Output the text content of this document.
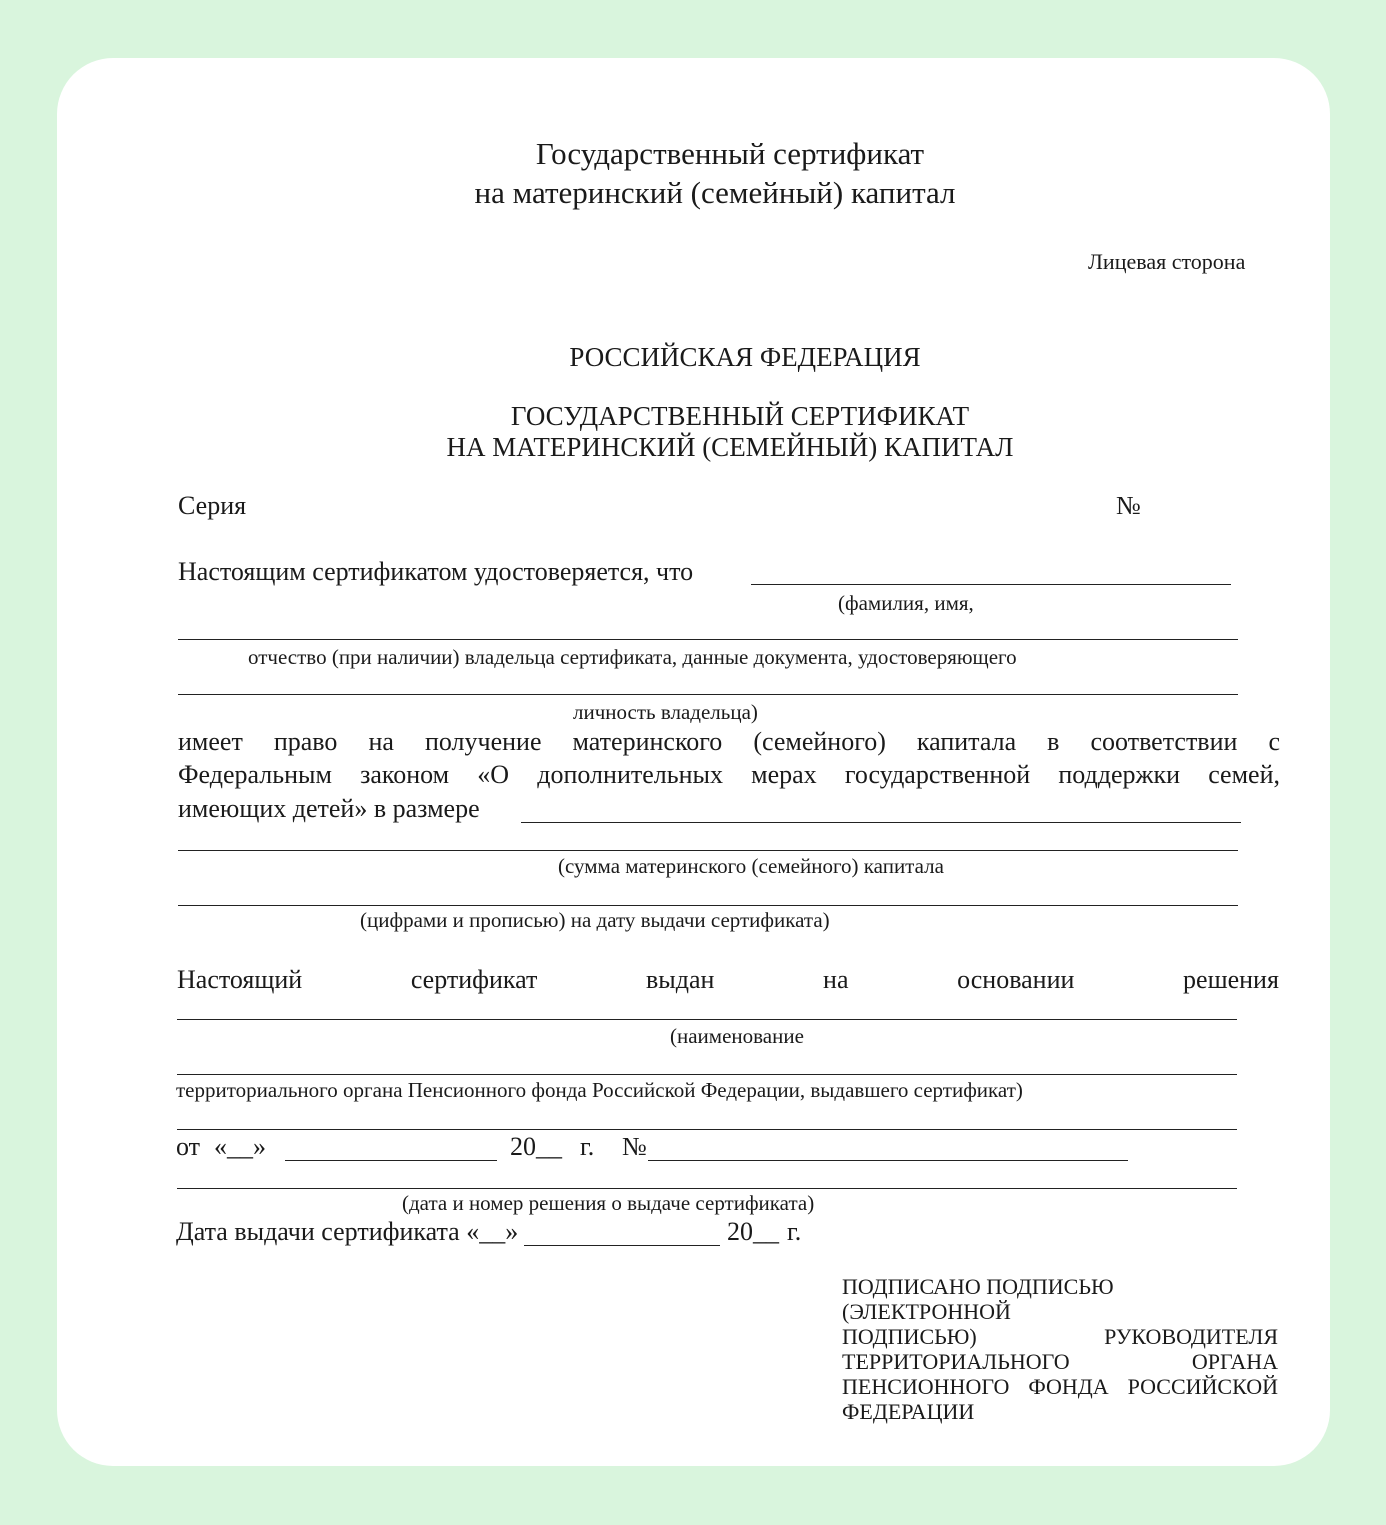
Государственный сертификат
на материнский (семейный) капитал
Лицевая сторона
РОССИЙСКАЯ ФЕДЕРАЦИЯ
ГОСУДАРСТВЕННЫЙ СЕРТИФИКАТ
НА МАТЕРИНСКИЙ (СЕМЕЙНЫЙ) КАПИТАЛ
Серия	№
Настоящим сертификатом удостоверяется, что
(фамилия, имя,
отчество (при наличии) владельца сертификата, данные документа, удостоверяющего
личность владельца)
имеет право на получение материнского (семейного) капитала в соответствии с
Федеральным законом «О дополнительных мерах государственной поддержки семей,
имеющих детей» в размере
(сумма материнского (семейного) капитала
(цифрами и прописью) на дату выдачи сертификата)
Настоящий	сертификат	выдан	на	основании	решения
(наименование
территориального органа Пенсионного фонда Российской Федерации, выдавшего сертификат)
от «__»	20__ г. №
(дата и номер решения о выдаче сертификата)
Дата выдачи сертификата «__»	20__ г.
ПОДПИСАНО ПОДПИСЬЮ (ЭЛЕКТРОННОЙ
ПОДПИСЬЮ)	РУКОВОДИТЕЛЯ
ТЕРРИТОРИАЛЬНОГО	ОРГАНА
ПЕНСИОННОГО ФОНДА РОССИЙСКОЙ
ФЕДЕРАЦИИ
